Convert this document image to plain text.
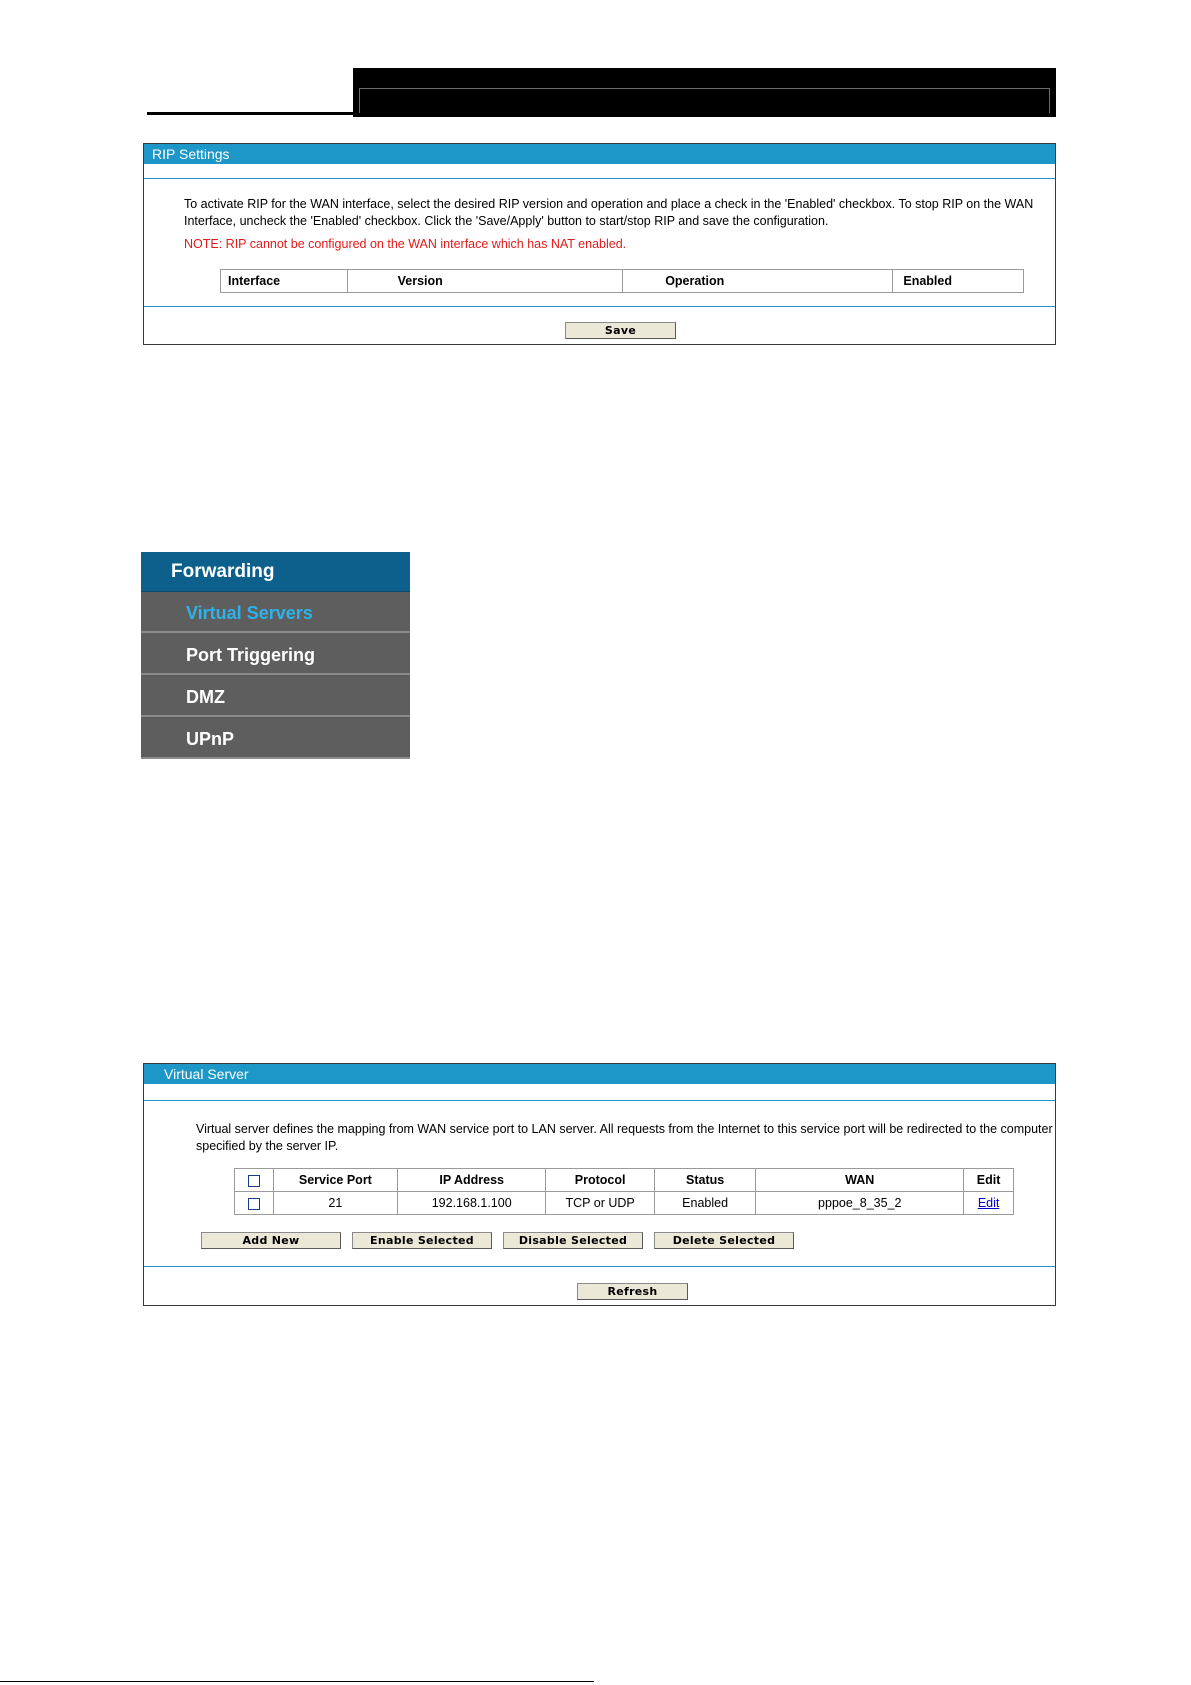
RIP Settings
To activate RIP for the WAN interface, select the desired RIP version and operation and place a check in the 'Enabled' checkbox. To stop RIP on the WAN Interface, uncheck the 'Enabled' checkbox. Click the 'Save/Apply' button to start/stop RIP and save the configuration.
NOTE: RIP cannot be configured on the WAN interface which has NAT enabled.
Interface	Version	Operation	Enabled
Save
Forwarding
Virtual Servers
Port Triggering
DMZ
UPnP
Virtual Server
Virtual server defines the mapping from WAN service port to LAN server. All requests from the Internet to this service port will be redirected to the computer specified by the server IP.
	Service Port	IP Address	Protocol	Status	WAN	Edit
	21	192.168.1.100	TCP or UDP	Enabled	pppoe_8_35_2	Edit
Add New	Enable Selected	Disable Selected	Delete Selected
Refresh
